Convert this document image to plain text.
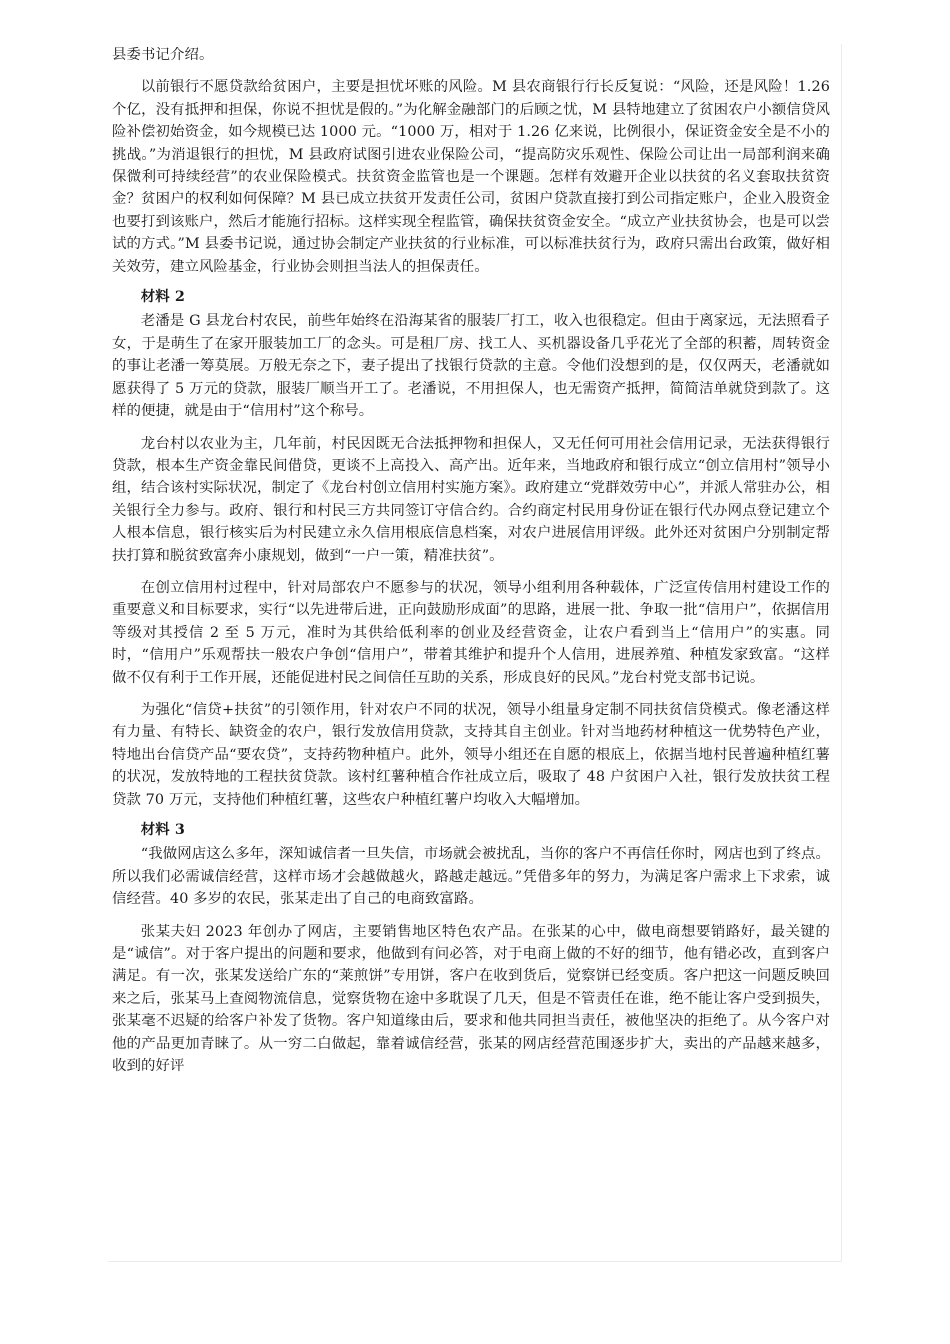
县委书记介绍。

以前银行不愿贷款给贫困户，主要是担忧坏账的风险。M 县农商银行行长反复说：“风险，还是风险！1.26 个亿，没有抵押和担保，你说不担忧是假的。”为化解金融部门的后顾之忧，M 县特地建立了贫困农户小额信贷风险补偿初始资金，如今规模已达 1000 元。“1000 万，相对于 1.26 亿来说，比例很小，保证资金安全是不小的挑战。”为消退银行的担忧，M 县政府试图引进农业保险公司，“提高防灾乐观性、保险公司让出一局部利润来确保微利可持续经营”的农业保险模式。扶贫资金监管也是一个课题。怎样有效避开企业以扶贫的名义套取扶贫资金？贫困户的权利如何保障？M 县已成立扶贫开发责任公司，贫困户贷款直接打到公司指定账户，企业入股资金也要打到该账户，然后才能施行招标。这样实现全程监管，确保扶贫资金安全。“成立产业扶贫协会，也是可以尝试的方式。”M 县委书记说，通过协会制定产业扶贫的行业标准，可以标准扶贫行为，政府只需出台政策，做好相关效劳，建立风险基金，行业协会则担当法人的担保责任。

材料 2

老潘是 G 县龙台村农民，前些年始终在沿海某省的服装厂打工，收入也很稳定。但由于离家远，无法照看子女，于是萌生了在家开服装加工厂的念头。可是租厂房、找工人、买机器设备几乎花光了全部的积蓄，周转资金的事让老潘一筹莫展。万般无奈之下，妻子提出了找银行贷款的主意。令他们没想到的是，仅仅两天，老潘就如愿获得了 5 万元的贷款，服装厂顺当开工了。老潘说，不用担保人，也无需资产抵押，简简洁单就贷到款了。这样的便捷，就是由于“信用村”这个称号。

龙台村以农业为主，几年前，村民因既无合法抵押物和担保人，又无任何可用社会信用记录，无法获得银行贷款，根本生产资金靠民间借贷，更谈不上高投入、高产出。近年来，当地政府和银行成立“创立信用村”领导小组，结合该村实际状况，制定了《龙台村创立信用村实施方案》。政府建立“党群效劳中心”，并派人常驻办公，相关银行全力参与。政府、银行和村民三方共同签订守信合约。合约商定村民用身份证在银行代办网点登记建立个人根本信息，银行核实后为村民建立永久信用根底信息档案，对农户进展信用评级。此外还对贫困户分别制定帮扶打算和脱贫致富奔小康规划，做到“一户一策，精准扶贫”。

在创立信用村过程中，针对局部农户不愿参与的状况，领导小组利用各种载体，广泛宣传信用村建设工作的重要意义和目标要求，实行“以先进带后进，正向鼓励形成面”的思路，进展一批、争取一批“信用户”，依据信用等级对其授信 2 至 5 万元，准时为其供给低利率的创业及经营资金，让农户看到当上“信用户”的实惠。同时，“信用户”乐观帮扶一般农户争创“信用户”，带着其维护和提升个人信用，进展养殖、种植发家致富。“这样做不仅有利于工作开展，还能促进村民之间信任互助的关系，形成良好的民风。”龙台村党支部书记说。

为强化“信贷+扶贫”的引领作用，针对农户不同的状况，领导小组量身定制不同扶贫信贷模式。像老潘这样有力量、有特长、缺资金的农户，银行发放信用贷款，支持其自主创业。针对当地药材种植这一优势特色产业，特地出台信贷产品“要农贷”，支持药物种植户。此外，领导小组还在自愿的根底上，依据当地村民普遍种植红薯的状况，发放特地的工程扶贫贷款。该村红薯种植合作社成立后，吸取了 48 户贫困户入社，银行发放扶贫工程贷款 70 万元，支持他们种植红薯，这些农户种植红薯户均收入大幅增加。

材料 3

“我做网店这么多年，深知诚信者一旦失信，市场就会被扰乱，当你的客户不再信任你时，网店也到了终点。所以我们必需诚信经营，这样市场才会越做越火，路越走越远。”凭借多年的努力，为满足客户需求上下求索，诚信经营。40 多岁的农民，张某走出了自己的电商致富路。

张某夫妇 2023 年创办了网店，主要销售地区特色农产品。在张某的心中，做电商想要销路好，最关键的是“诚信”。对于客户提出的问题和要求，他做到有问必答，对于电商上做的不好的细节，他有错必改，直到客户满足。有一次，张某发送给广东的“莱煎饼”专用饼，客户在收到货后，觉察饼已经变质。客户把这一问题反映回来之后，张某马上查阅物流信息，觉察货物在途中多耽误了几天，但是不管责任在谁，绝不能让客户受到损失，张某毫不迟疑的给客户补发了货物。客户知道缘由后，要求和他共同担当责任，被他坚决的拒绝了。从今客户对他的产品更加青睐了。从一穷二白做起，靠着诚信经营，张某的网店经营范围逐步扩大，卖出的产品越来越多，收到的好评
